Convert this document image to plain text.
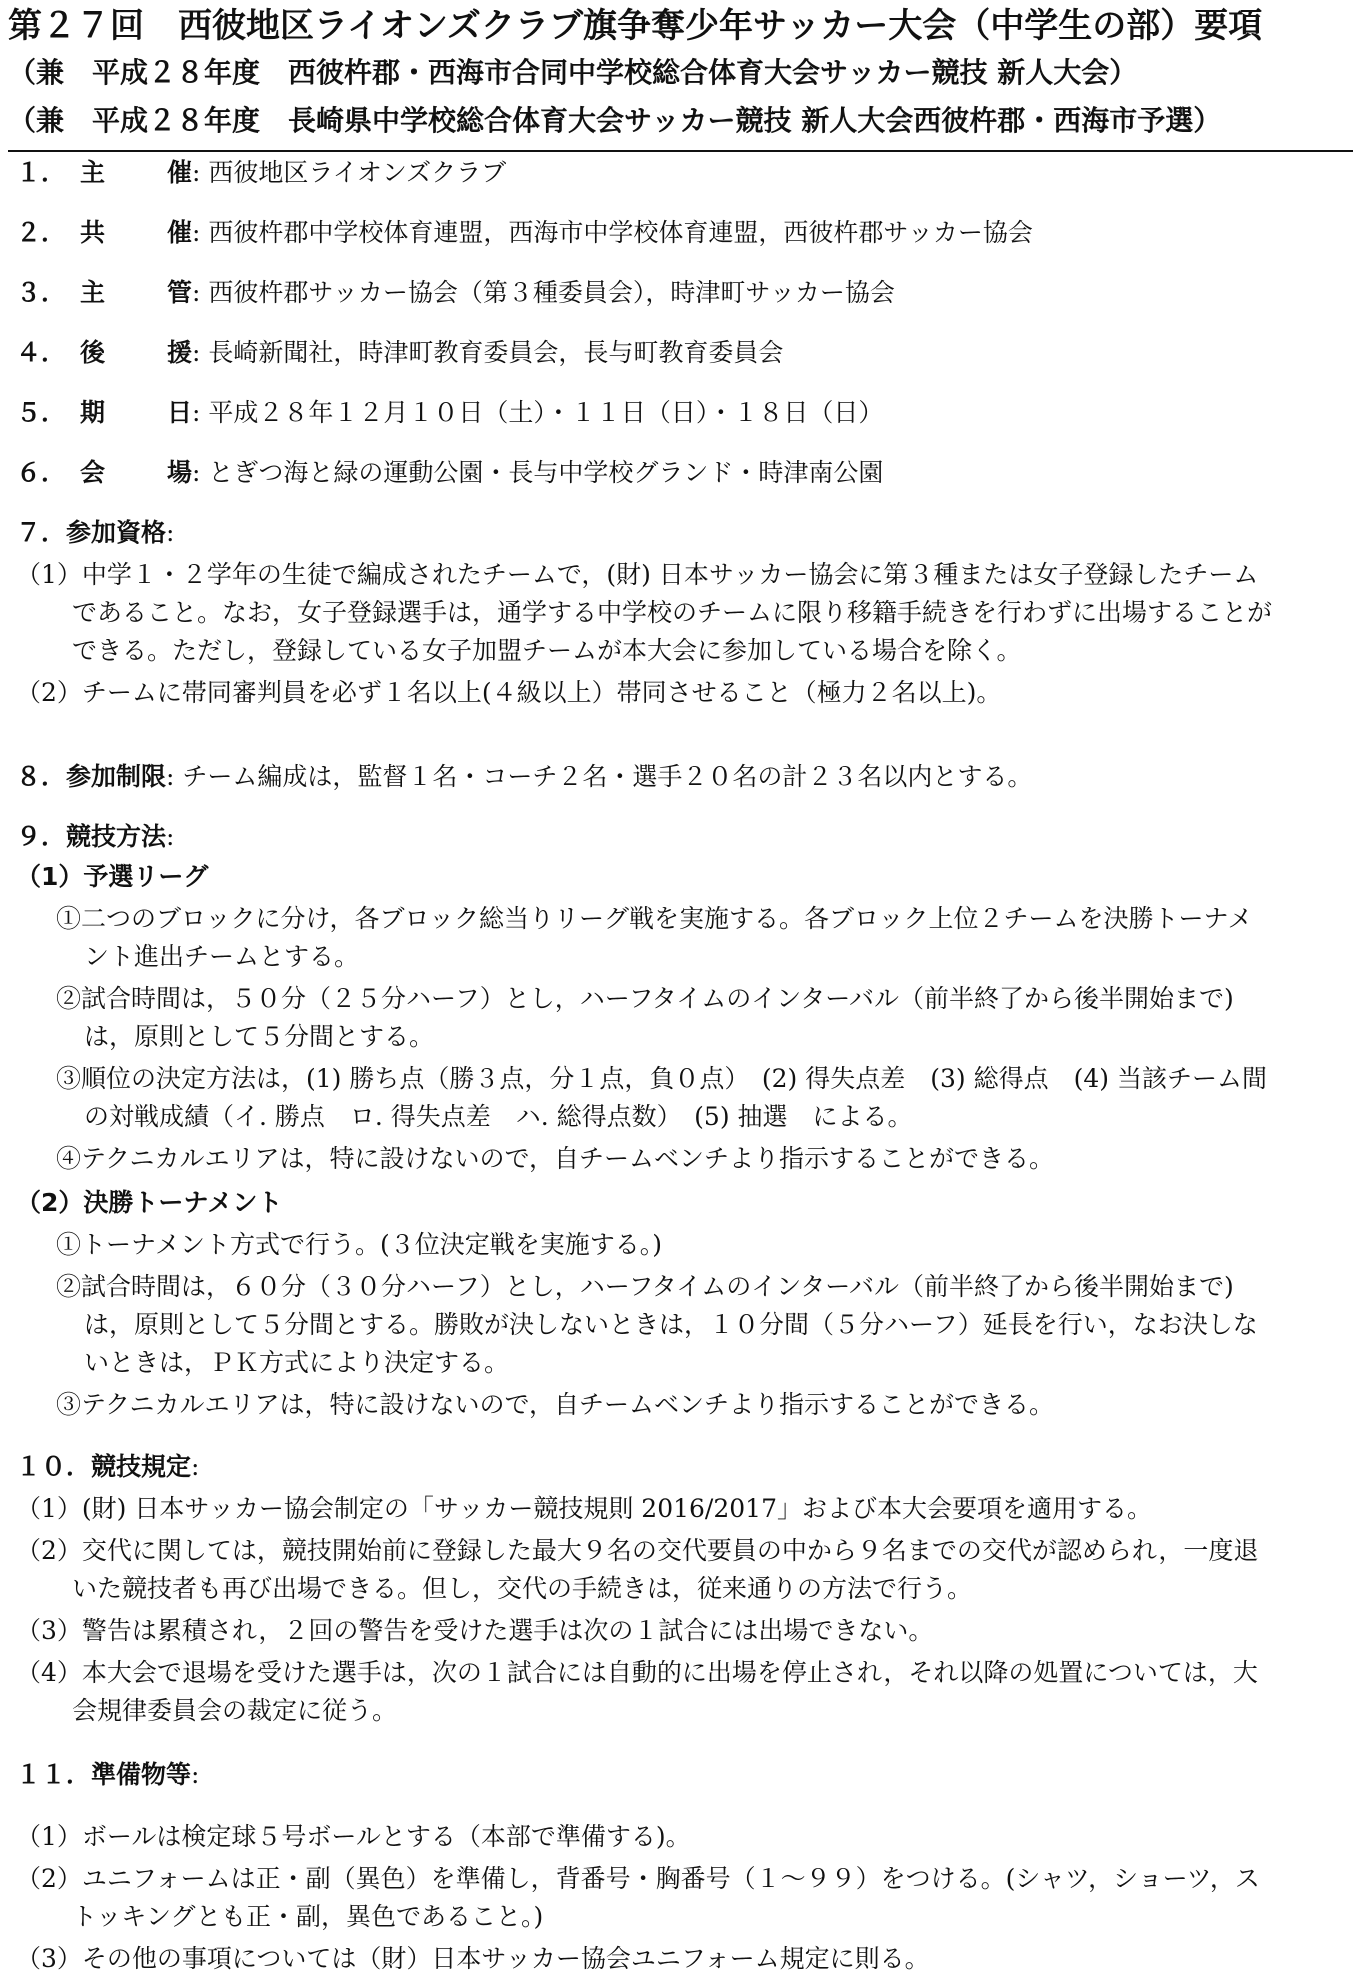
第２７回　西彼地区ライオンズクラブ旗争奪少年サッカー大会（中学生の部）要項
（兼　平成２８年度　西彼杵郡・西海市合同中学校総合体育大会サッカー競技 新人大会）
（兼　平成２８年度　長崎県中学校総合体育大会サッカー競技 新人大会西彼杵郡・西海市予選）
１． 主 催 : 西彼地区ライオンズクラブ
２． 共 催 : 西彼杵郡中学校体育連盟，西海市中学校体育連盟，西彼杵郡サッカー協会
３． 主 管 : 西彼杵郡サッカー協会（第３種委員会），時津町サッカー協会
４． 後 援 : 長崎新聞社，時津町教育委員会，長与町教育委員会
５． 期 日 : 平成２８年１２月１０日（土）・１１日（日）・１８日（日）
６． 会 場 : とぎつ海と緑の運動公園・長与中学校グランド・時津南公園
７．参加資格:
（1）中学１・２学年の生徒で編成されたチームで，(財) 日本サッカー協会に第３種または女子登録したチーム
であること。なお，女子登録選手は，通学する中学校のチームに限り移籍手続きを行わずに出場することが
できる。ただし，登録している女子加盟チームが本大会に参加している場合を除く。
（2）チームに帯同審判員を必ず１名以上(４級以上）帯同させること（極力２名以上)。
８．参加制限: チーム編成は，監督１名・コーチ２名・選手２０名の計２３名以内とする。
９．競技方法:
（1）予選リーグ
①二つのブロックに分け，各ブロック総当りリーグ戦を実施する。各ブロック上位２チームを決勝トーナメ
ント進出チームとする。
②試合時間は，５０分（２５分ハーフ）とし，ハーフタイムのインターバル（前半終了から後半開始まで)
は，原則として５分間とする。
③順位の決定方法は，(1) 勝ち点（勝３点，分１点，負０点）　(2) 得失点差　(3) 総得点　(4) 当該チーム間
の対戦成績（イ. 勝点　ロ. 得失点差　ハ. 総得点数）　(5) 抽選　による。
④テクニカルエリアは，特に設けないので，自チームベンチより指示することができる。
（2）決勝トーナメント
①トーナメント方式で行う。(３位決定戦を実施する。)
②試合時間は，６０分（３０分ハーフ）とし，ハーフタイムのインターバル（前半終了から後半開始まで)
は，原則として５分間とする。勝敗が決しないときは，１０分間（５分ハーフ）延長を行い，なお決しな
いときは，ＰＫ方式により決定する。
③テクニカルエリアは，特に設けないので，自チームベンチより指示することができる。
１０．競技規定:
（1）(財) 日本サッカー協会制定の「サッカー競技規則 2016/2017」および本大会要項を適用する。
（2）交代に関しては，競技開始前に登録した最大９名の交代要員の中から９名までの交代が認められ，一度退
いた競技者も再び出場できる。但し，交代の手続きは，従来通りの方法で行う。
（3）警告は累積され，２回の警告を受けた選手は次の１試合には出場できない。
（4）本大会で退場を受けた選手は，次の１試合には自動的に出場を停止され，それ以降の処置については，大
会規律委員会の裁定に従う。
１１．準備物等:
（1）ボールは検定球５号ボールとする（本部で準備する)。
（2）ユニフォームは正・副（異色）を準備し，背番号・胸番号（１～９９）をつける。(シャツ，ショーツ，ス
トッキングとも正・副，異色であること。)
（3）その他の事項については（財）日本サッカー協会ユニフォーム規定に則る。
